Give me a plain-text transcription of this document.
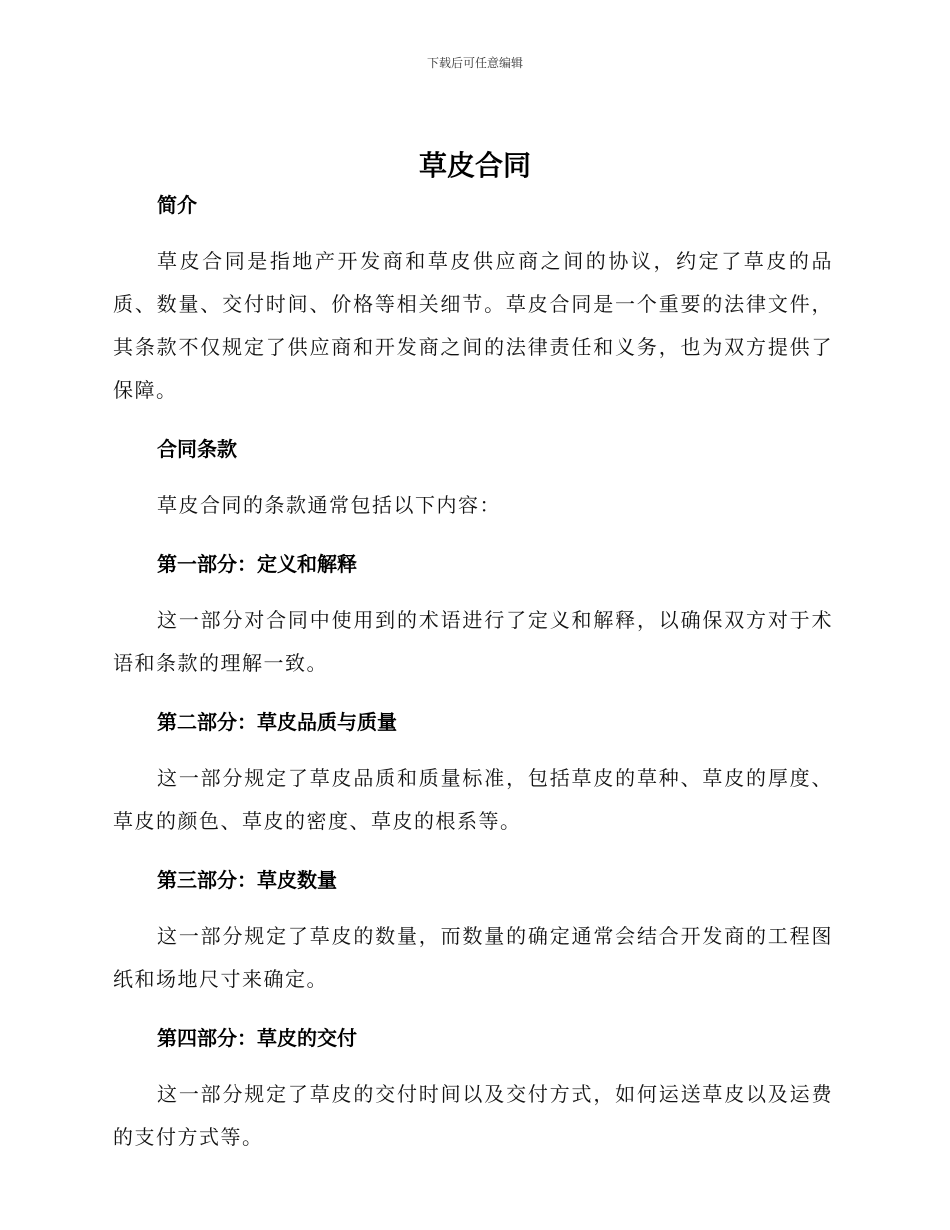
下载后可任意编辑
草皮合同
简介

草皮合同是指地产开发商和草皮供应商之间的协议，约定了草皮的品质、数量、交付时间、价格等相关细节。草皮合同是一个重要的法律文件，其条款不仅规定了供应商和开发商之间的法律责任和义务，也为双方提供了保障。

合同条款

草皮合同的条款通常包括以下内容：

第一部分：定义和解释

这一部分对合同中使用到的术语进行了定义和解释，以确保双方对于术语和条款的理解一致。

第二部分：草皮品质与质量

这一部分规定了草皮品质和质量标准，包括草皮的草种、草皮的厚度、草皮的颜色、草皮的密度、草皮的根系等。

第三部分：草皮数量

这一部分规定了草皮的数量，而数量的确定通常会结合开发商的工程图纸和场地尺寸来确定。

第四部分：草皮的交付

这一部分规定了草皮的交付时间以及交付方式，如何运送草皮以及运费的支付方式等。
